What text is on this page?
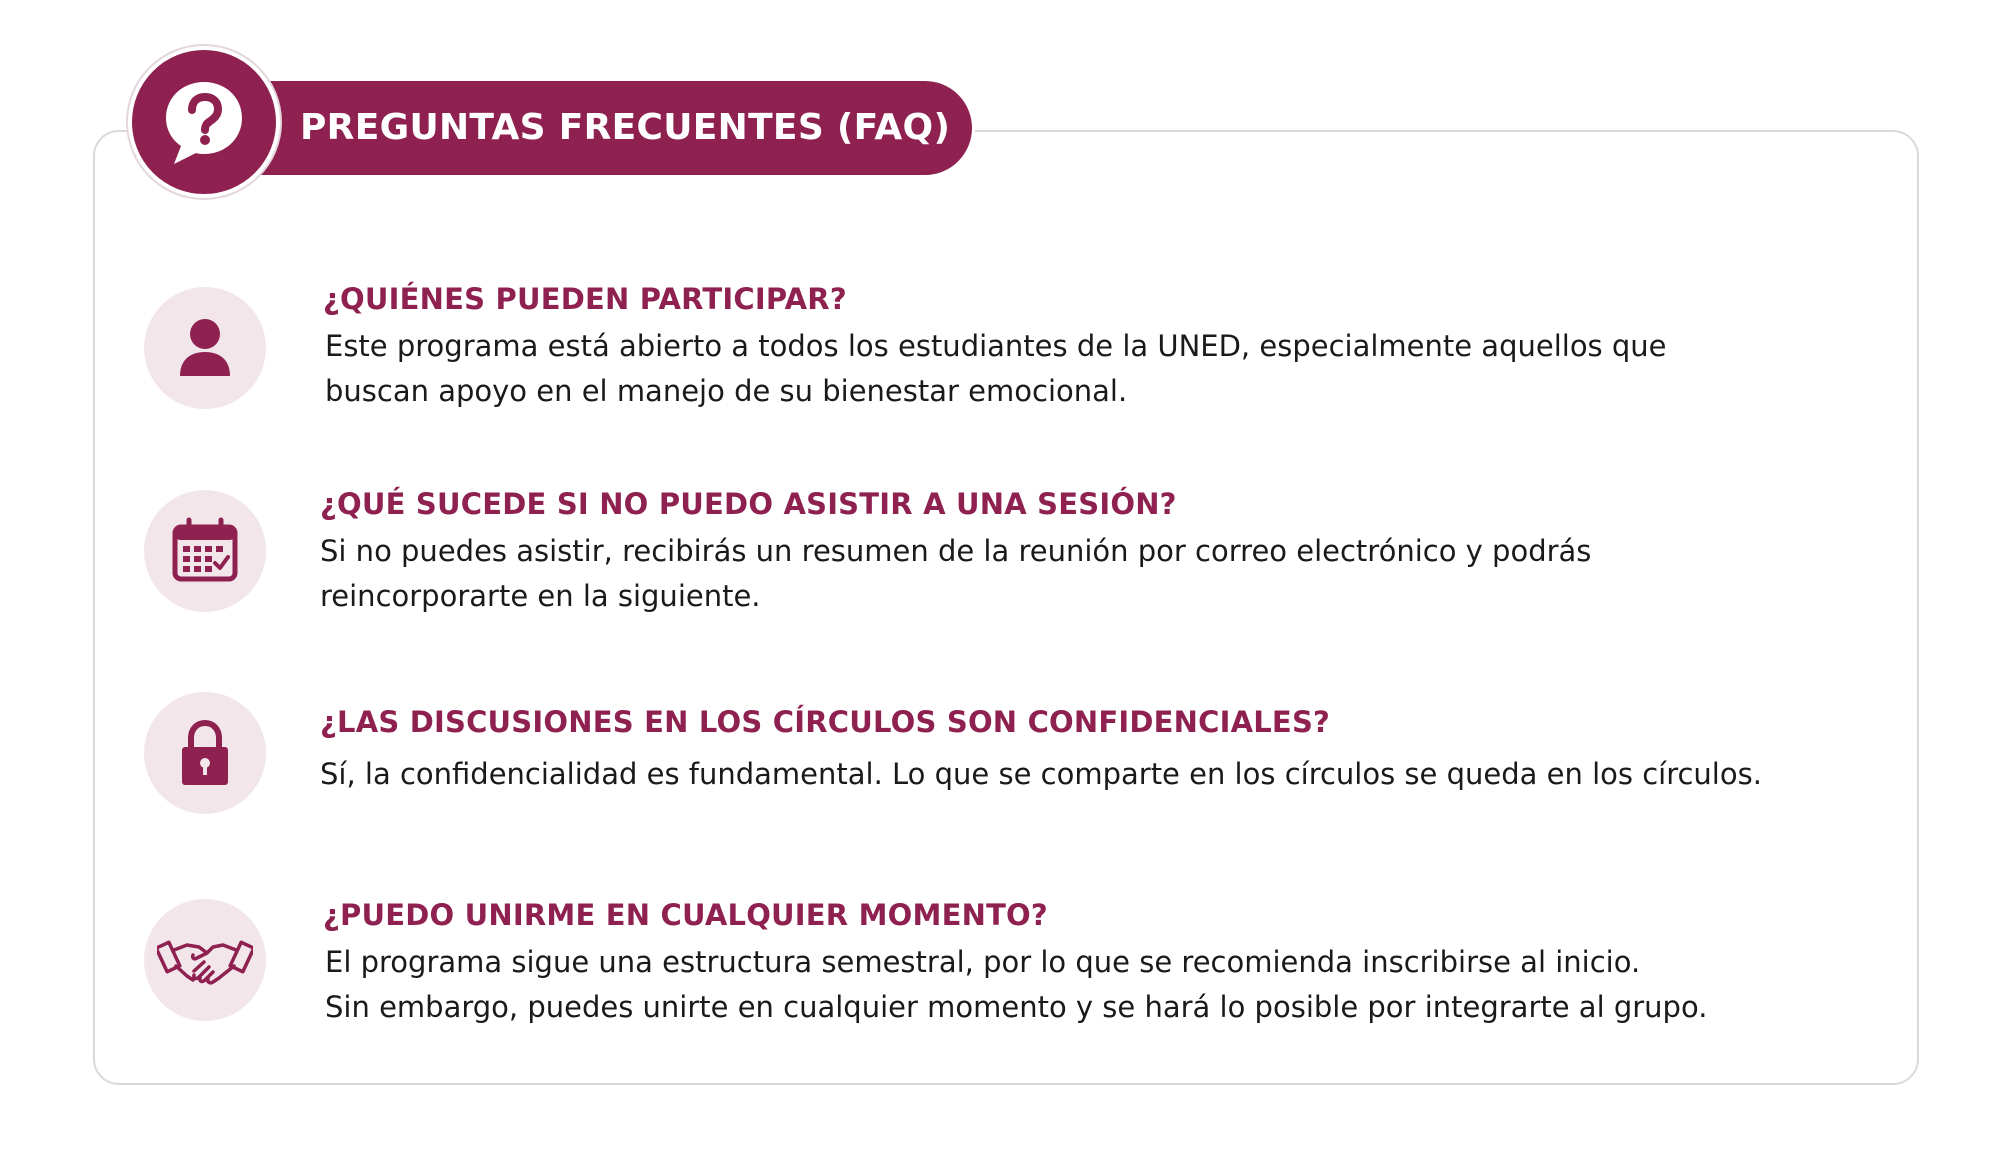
PREGUNTAS FRECUENTES (FAQ)
¿QUIÉNES PUEDEN PARTICIPAR?
Este programa está abierto a todos los estudiantes de la UNED, especialmente aquellos que
buscan apoyo en el manejo de su bienestar emocional.
¿QUÉ SUCEDE SI NO PUEDO ASISTIR A UNA SESIÓN?
Si no puedes asistir, recibirás un resumen de la reunión por correo electrónico y podrás
reincorporarte en la siguiente.
¿LAS DISCUSIONES EN LOS CÍRCULOS SON CONFIDENCIALES?
Sí, la confidencialidad es fundamental. Lo que se comparte en los círculos se queda en los círculos.
¿PUEDO UNIRME EN CUALQUIER MOMENTO?
El programa sigue una estructura semestral, por lo que se recomienda inscribirse al inicio.
Sin embargo, puedes unirte en cualquier momento y se hará lo posible por integrarte al grupo.
